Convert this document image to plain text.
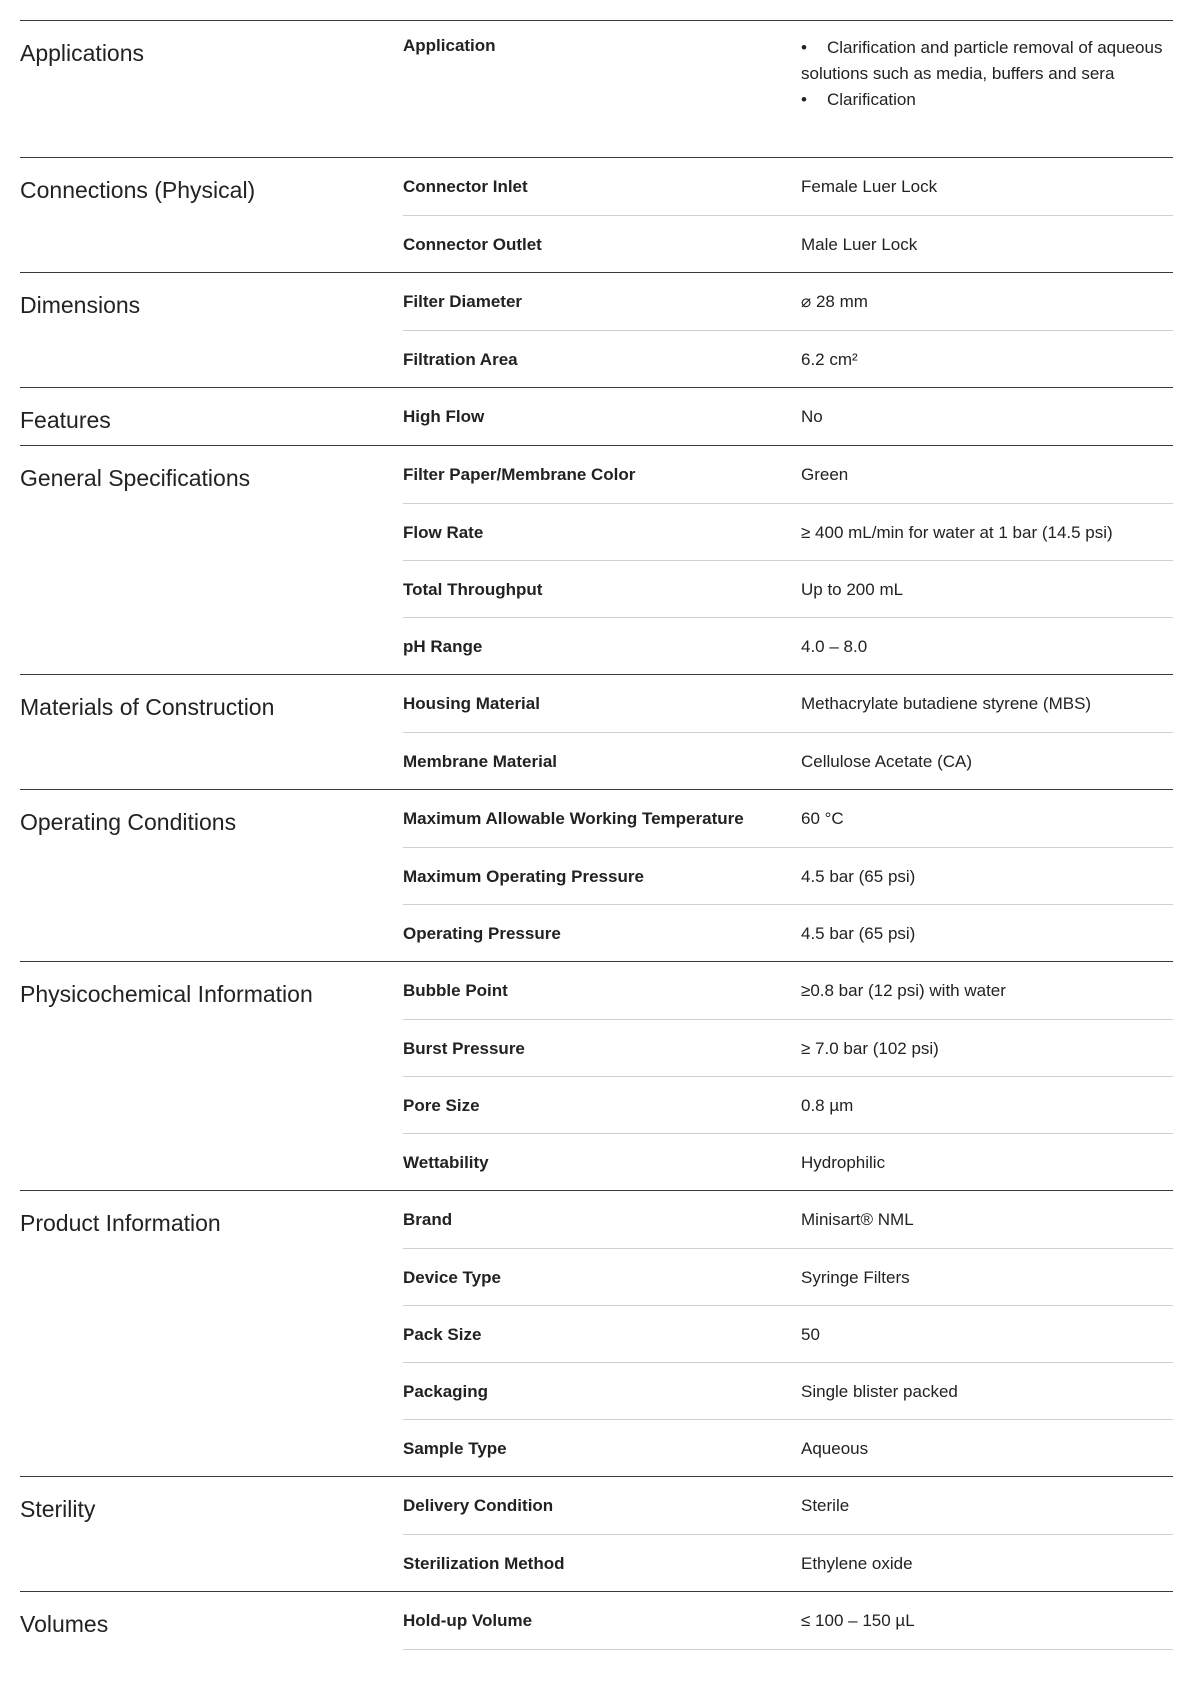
Applications	Application
•	Clarification and particle removal of aqueous solutions such as media, buffers and sera
• Clarification
Connections (Physical)	Connector Inlet	Female Luer Lock
Connector Outlet	Male Luer Lock
Dimensions	Filter Diameter	⌀ 28 mm
Filtration Area	6.2 cm²
Features	High Flow	No
General Specifications	Filter Paper/Membrane Color	Green
Flow Rate	≥ 400 mL/min for water at 1 bar (14.5 psi)
Total Throughput	Up to 200 mL
pH Range	4.0 – 8.0
Materials of Construction	Housing Material	Methacrylate butadiene styrene (MBS)
Membrane Material	Cellulose Acetate (CA)
Operating Conditions	Maximum Allowable Working Temperature	60 °C
Maximum Operating Pressure	4.5 bar (65 psi)
Operating Pressure	4.5 bar (65 psi)
Physicochemical Information	Bubble Point	≥0.8 bar (12 psi) with water
Burst Pressure	≥ 7.0 bar (102 psi)
Pore Size	0.8 µm
Wettability	Hydrophilic
Product Information	Brand	Minisart® NML
Device Type	Syringe Filters
Pack Size	50
Packaging	Single blister packed
Sample Type	Aqueous
Sterility	Delivery Condition	Sterile
Sterilization Method	Ethylene oxide
Volumes	Hold-up Volume	≤ 100 – 150 µL
